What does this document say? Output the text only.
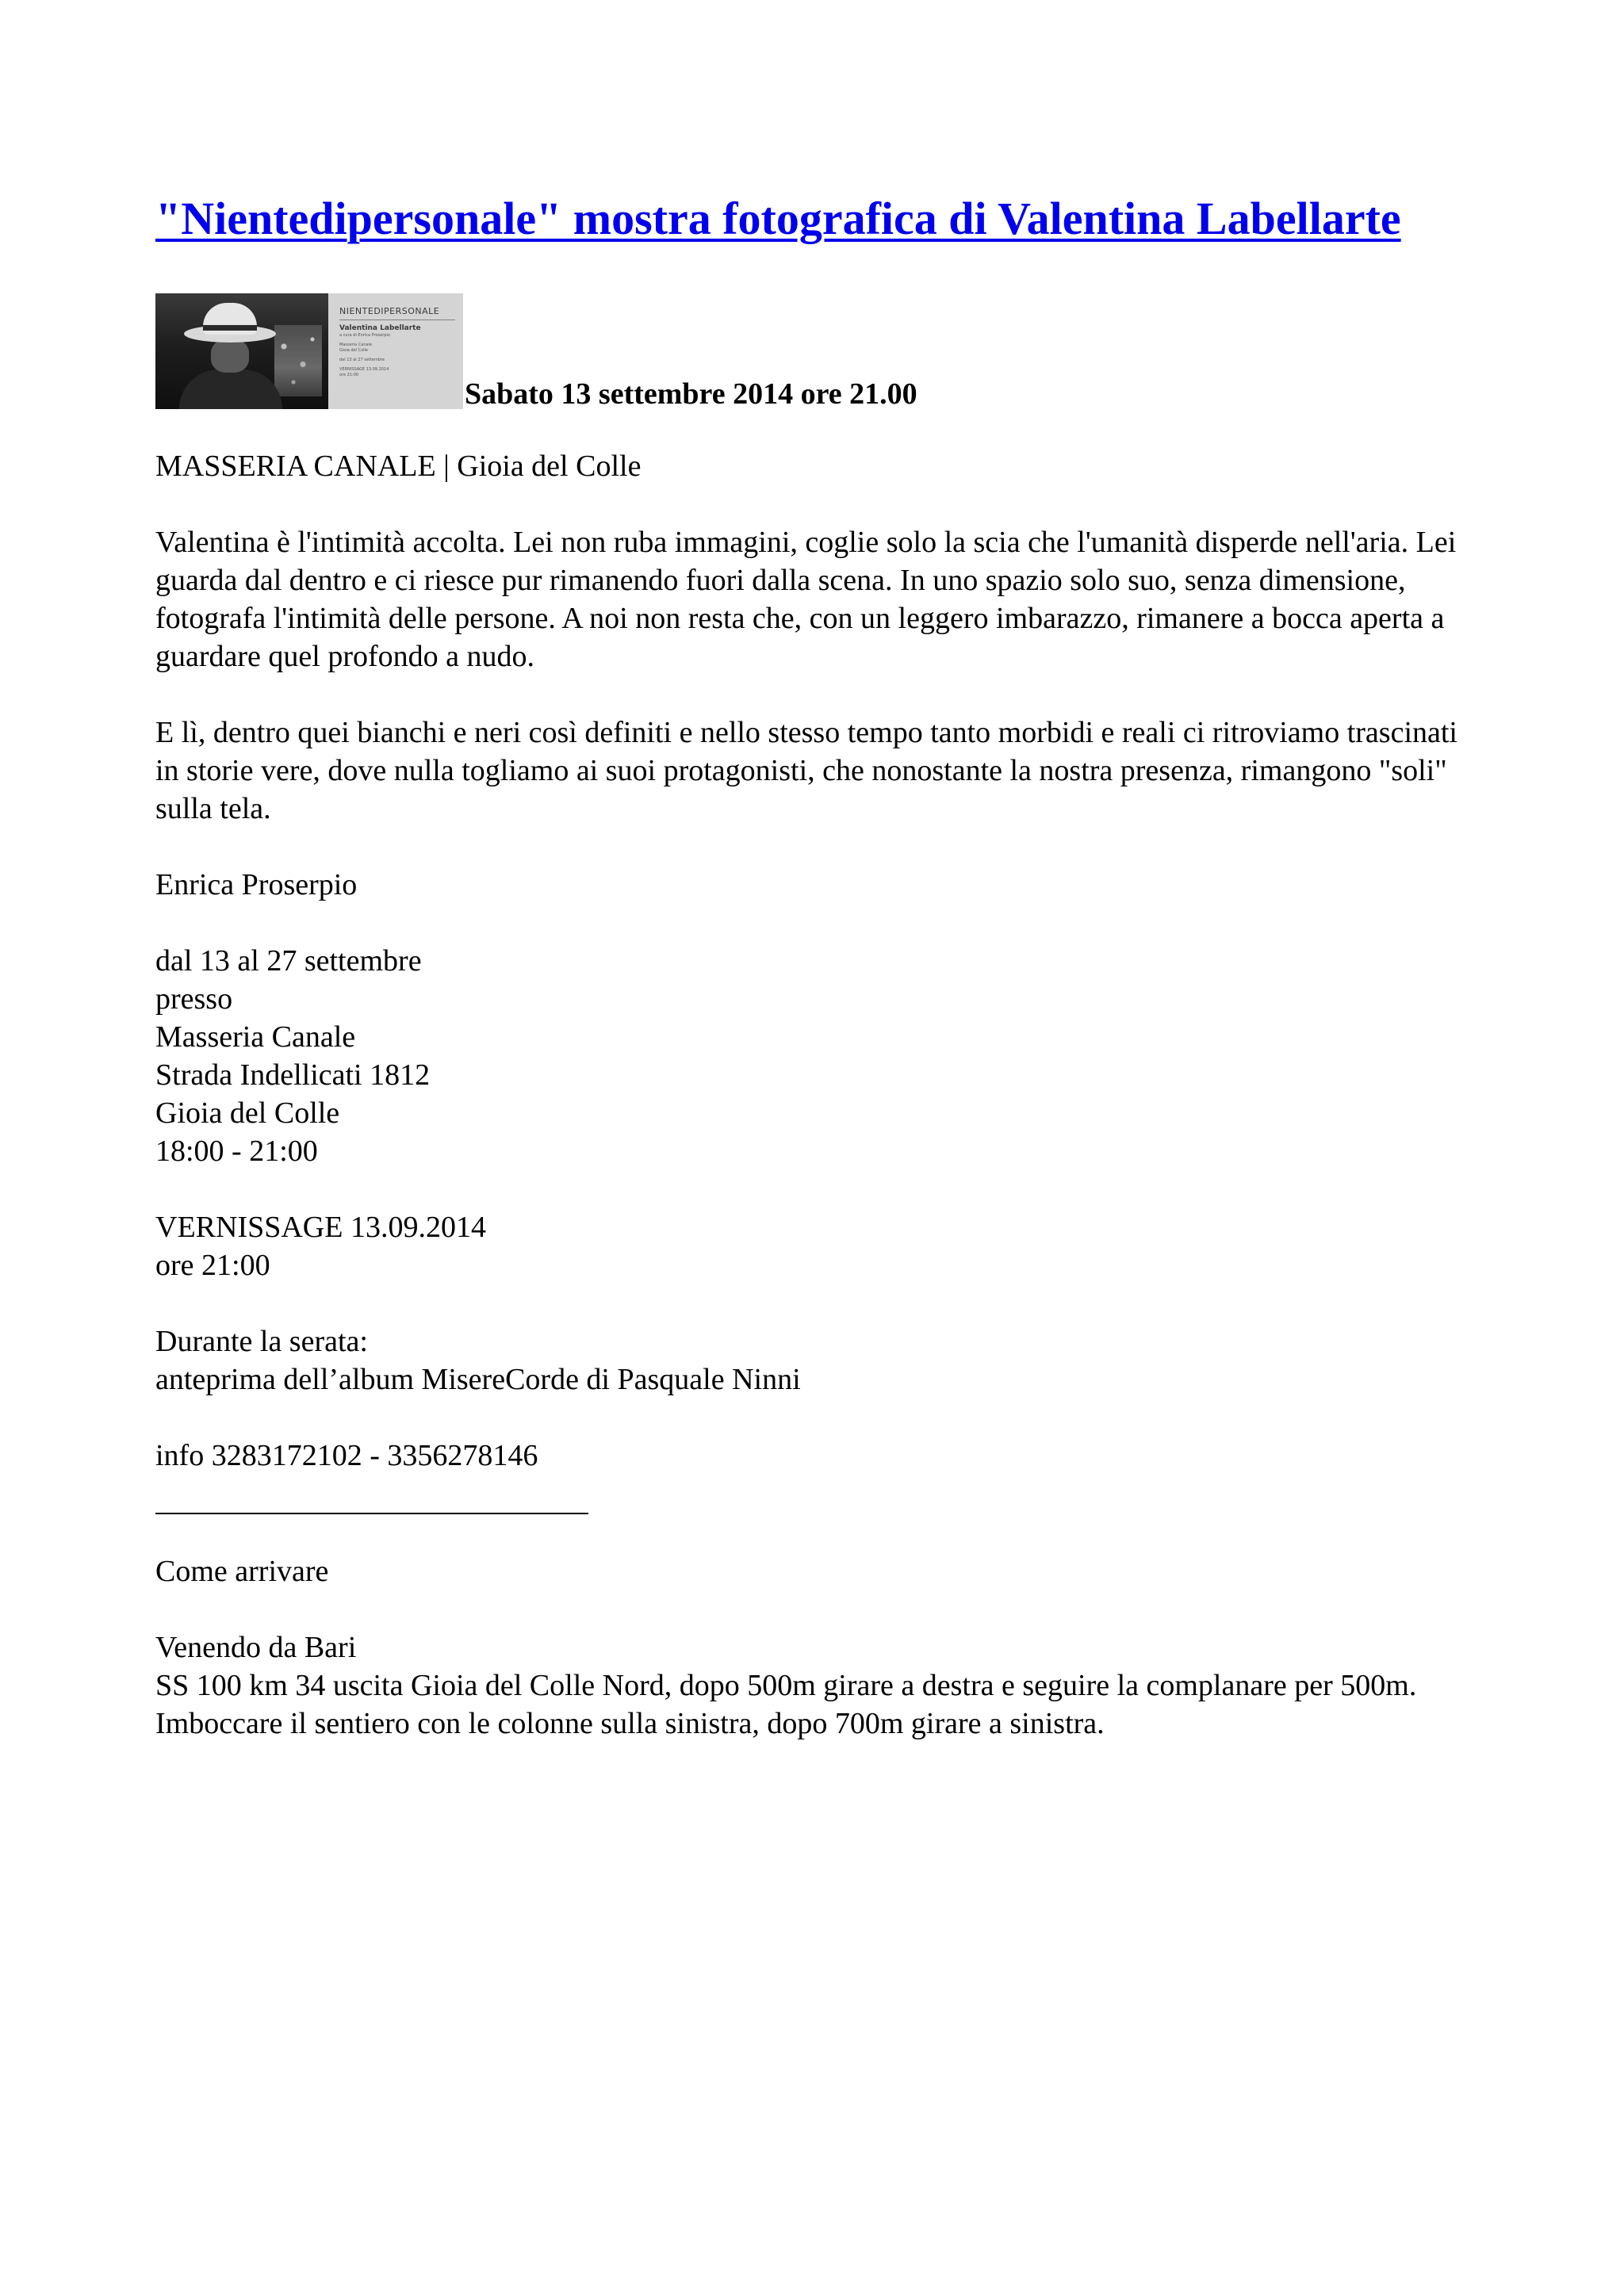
"Nientedipersonale" mostra fotografica di Valentina Labellarte
NIENTEDIPERSONALE
Valentina Labellarte
a cura di Enrica Proserpio
Masseria Canale
Gioia del Colle
dal 13 al 27 settembre
VERNISSAGE 13.09.2014
ore 21:00
Sabato 13 settembre 2014 ore 21.00

MASSERIA CANALE | Gioia del Colle

Valentina è l'intimità accolta. Lei non ruba immagini, coglie solo la scia che l'umanità disperde nell'aria. Lei guarda dal dentro e ci riesce pur rimanendo fuori dalla scena. In uno spazio solo suo, senza dimensione, fotografa l'intimità delle persone. A noi non resta che, con un leggero imbarazzo, rimanere a bocca aperta a guardare quel profondo a nudo.

E lì, dentro quei bianchi e neri così definiti e nello stesso tempo tanto morbidi e reali ci ritroviamo trascinati in storie vere, dove nulla togliamo ai suoi protagonisti, che nonostante la nostra presenza, rimangono "soli" sulla tela.

Enrica Proserpio

dal 13 al 27 settembre
presso
Masseria Canale
Strada Indellicati 1812
Gioia del Colle
18:00 - 21:00
VERNISSAGE 13.09.2014
ore 21:00
Durante la serata:
anteprima dell’album MisereCorde di Pasquale Ninni

info 3283172102 - 3356278146

Come arrivare

Venendo da Bari
SS 100 km 34 uscita Gioia del Colle Nord, dopo 500m girare a destra e seguire la complanare per 500m. Imboccare il sentiero con le colonne sulla sinistra, dopo 700m girare a sinistra.
